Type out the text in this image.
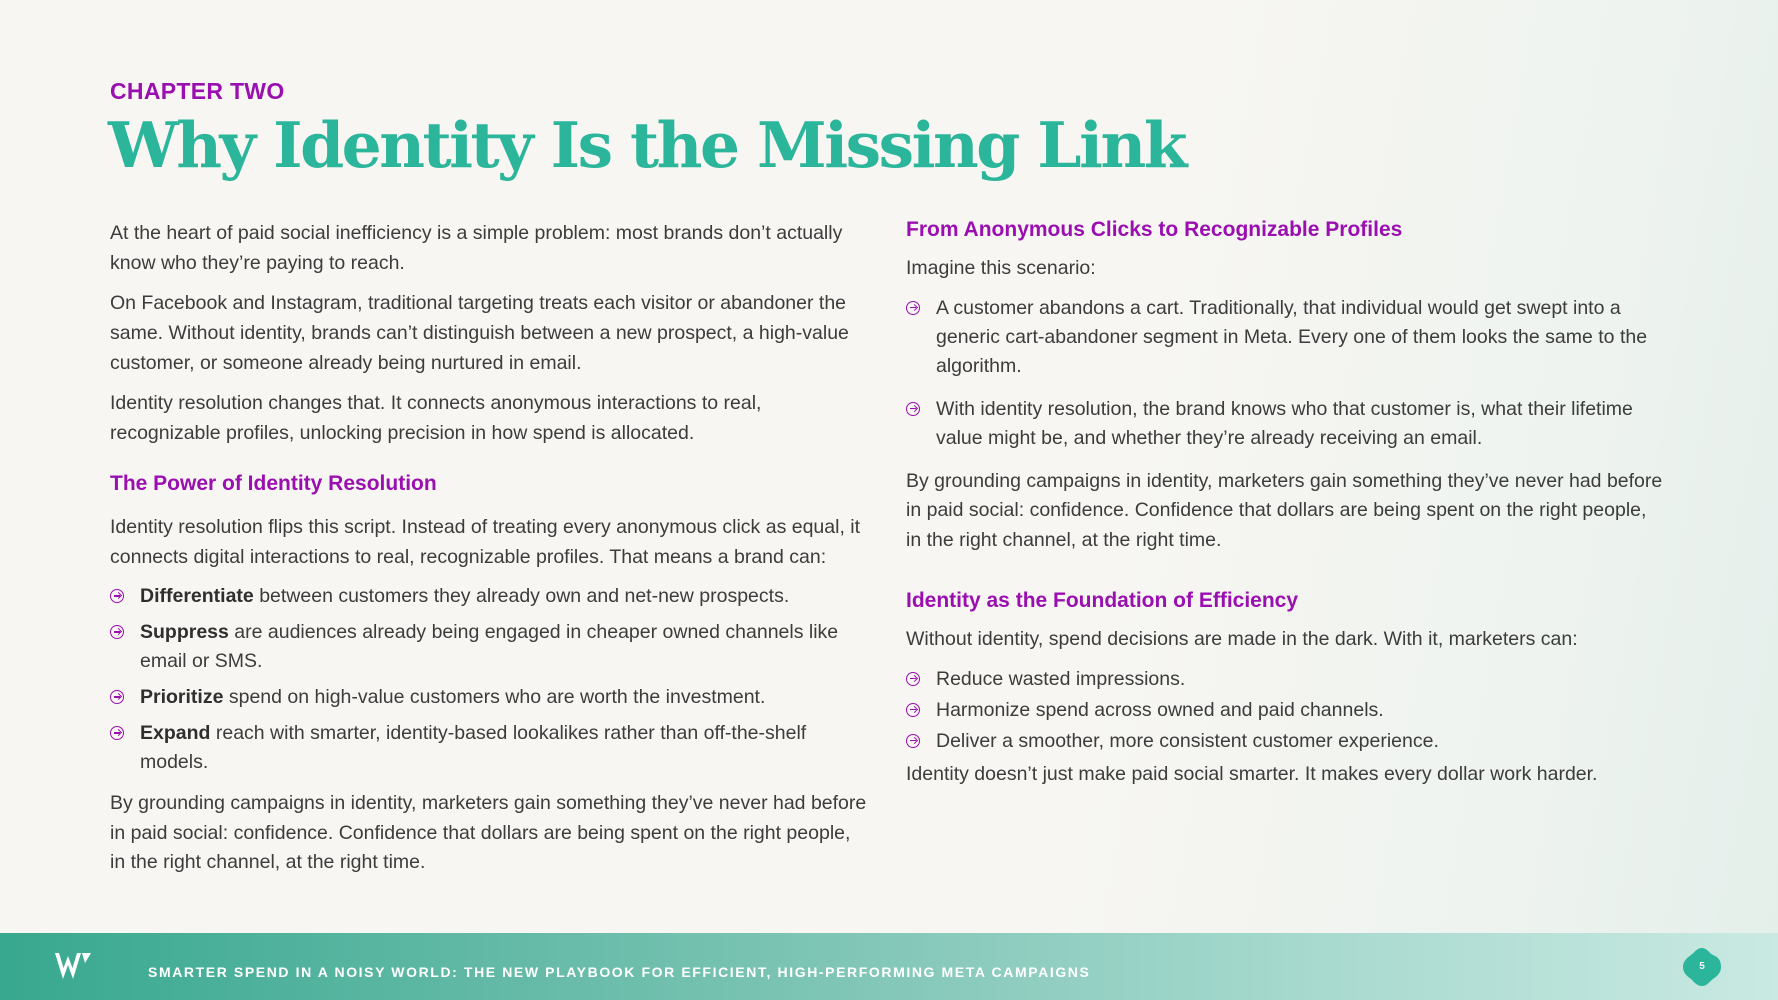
CHAPTER TWO
Why Identity Is the Missing Link

At the heart of paid social inefficiency is a simple problem: most brands don’t actually know who they’re paying to reach.

On Facebook and Instagram, traditional targeting treats each visitor or abandoner the same. Without identity, brands can’t distinguish between a new prospect, a high-value customer, or someone already being nurtured in email.

Identity resolution changes that. It connects anonymous interactions to real, recognizable profiles, unlocking precision in how spend is allocated.

The Power of Identity Resolution

Identity resolution flips this script. Instead of treating every anonymous click as equal, it connects digital interactions to real, recognizable profiles. That means a brand can:

Differentiate between customers they already own and net-new prospects.
Suppress are audiences already being engaged in cheaper owned channels like email or SMS.
Prioritize spend on high-value customers who are worth the investment.
Expand reach with smarter, identity-based lookalikes rather than off-the-shelf models.

By grounding campaigns in identity, marketers gain something they’ve never had before in paid social: confidence. Confidence that dollars are being spent on the right people, in the right channel, at the right time.

From Anonymous Clicks to Recognizable Profiles

Imagine this scenario:

A customer abandons a cart. Traditionally, that individual would get swept into a generic cart-abandoner segment in Meta. Every one of them looks the same to the algorithm.
With identity resolution, the brand knows who that customer is, what their lifetime value might be, and whether they’re already receiving an email.

By grounding campaigns in identity, marketers gain something they’ve never had before in paid social: confidence. Confidence that dollars are being spent on the right people, in the right channel, at the right time.

Identity as the Foundation of Efficiency

Without identity, spend decisions are made in the dark. With it, marketers can:

Reduce wasted impressions.
Harmonize spend across owned and paid channels.
Deliver a smoother, more consistent customer experience.

Identity doesn’t just make paid social smarter. It makes every dollar work harder.

SMARTER SPEND IN A NOISY WORLD: THE NEW PLAYBOOK FOR EFFICIENT, HIGH-PERFORMING META CAMPAIGNS	5
